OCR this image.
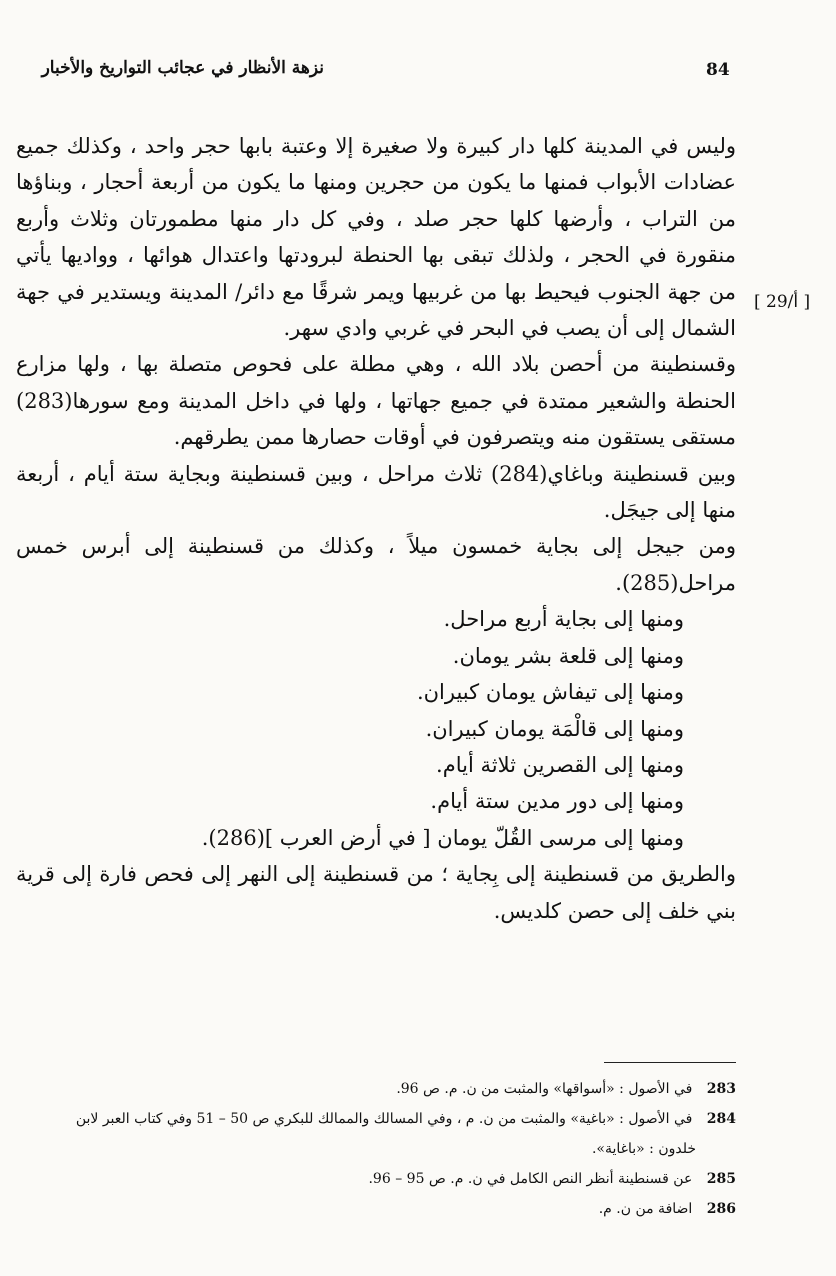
84
نزهة الأنظار في عجائب التواريخ والأخبار
[ 29/أ ]

وليس في المدينة كلها دار كبيرة ولا صغيرة إلا وعتبة بابها حجر واحد ، وكذلك جميع عضادات الأبواب فمنها ما يكون من حجرين ومنها ما يكون من أربعة أحجار ، وبناؤها من التراب ، وأرضها كلها حجر صلد ، وفي كل دار منها مطمورتان وثلاث وأربع منقورة في الحجر ، ولذلك تبقى بها الحنطة لبرودتها واعتدال هوائها ، وواديها يأتي من جهة الجنوب فيحيط بها من غربيها ويمر شرقًا مع دائر/ المدينة ويستدير في جهة الشمال إلى أن يصب في البحر في غربي وادي سهر.

وقسنطينة من أحصن بلاد الله ، وهي مطلة على فحوص متصلة بها ، ولها مزارع الحنطة والشعير ممتدة في جميع جهاتها ، ولها في داخل المدينة ومع سورها(283) مستقى يستقون منه ويتصرفون في أوقات حصارها ممن يطرقهم.

وبين قسنطينة وباغاي(284) ثلاث مراحل ، وبين قسنطينة وبجاية ستة أيام ، أربعة منها إلى جيجَل.

ومن جيجل إلى بجاية خمسون ميلاً ، وكذلك من قسنطينة إلى أبرس خمس مراحل(285).

ومنها إلى بجاية أربع مراحل.

ومنها إلى قلعة بشر يومان.

ومنها إلى تيفاش يومان كبيران.

ومنها إلى قالْمَة يومان كبيران.

ومنها إلى القصرين ثلاثة أيام.

ومنها إلى دور مدين ستة أيام.

ومنها إلى مرسى القُلّ يومان [ في أرض العرب ](286).

والطريق من قسنطينة إلى بِجاية ؛ من قسنطينة إلى النهر إلى فحص فارة إلى قرية بني خلف إلى حصن كلديس.

283 في الأصول : «أسواقها» والمثبت من ن. م. ص 96.

284 في الأصول : «باغية» والمثبت من ن. م ، وفي المسالك والممالك للبكري ص 50 – 51 وفي كتاب العبر لابن

خلدون : «باغاية».

285 عن قسنطينة أنظر النص الكامل في ن. م. ص 95 – 96.

286 اضافة من ن. م.
